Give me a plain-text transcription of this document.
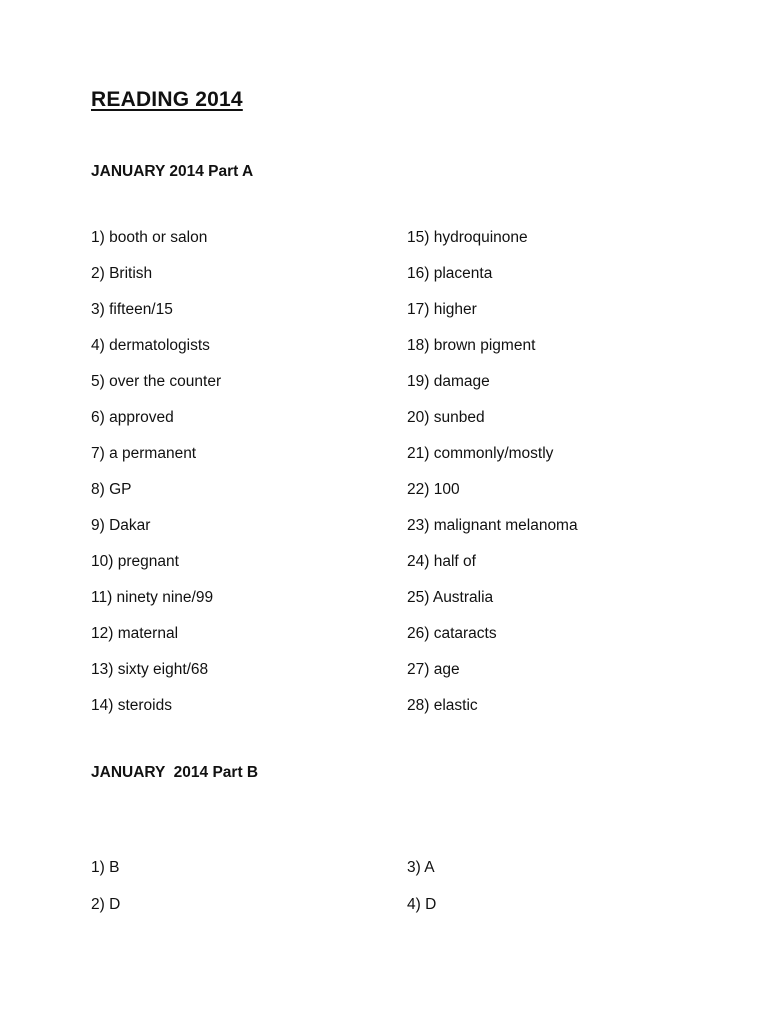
READING 2014
JANUARY 2014 Part A
1) booth or salon
2) British
3) fifteen/15
4) dermatologists
5) over the counter
6) approved
7) a permanent
8) GP
9) Dakar
10) pregnant
11) ninety nine/99
12) maternal
13) sixty eight/68
14) steroids
15) hydroquinone
16) placenta
17) higher
18) brown pigment
19) damage
20) sunbed
21) commonly/mostly
22) 100
23) malignant melanoma
24) half of
25) Australia
26) cataracts
27) age
28) elastic
JANUARY  2014 Part B
1) B
2) D
3) A
4) D
